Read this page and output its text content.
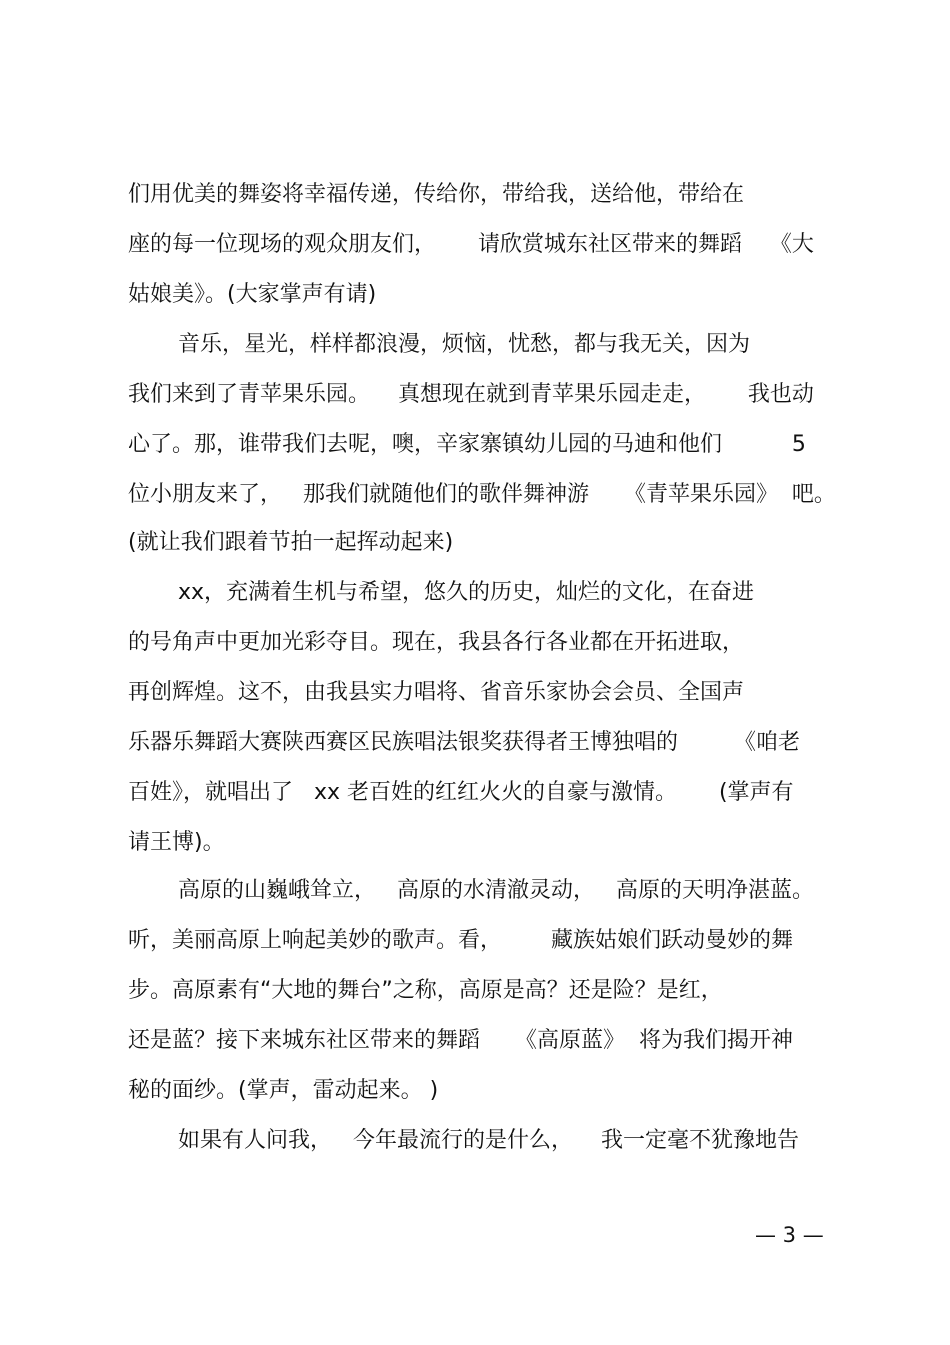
们用优美的舞姿将幸福传递，传给你，带给我，送给他，带给在
座的每一位现场的观众朋友们，      请欣赏城东社区带来的舞蹈    《大
姑娘美》。(大家掌声有请)
音乐，星光，样样都浪漫，烦恼，忧愁，都与我无关，因为
我们来到了青苹果乐园。    真想现在就到青苹果乐园走走，      我也动
心了。那，谁带我们去呢，噢，辛家寨镇幼儿园的马迪和他们          5
位小朋友来了，   那我们就随他们的歌伴舞神游     《青苹果乐园》  吧。
(就让我们跟着节拍一起挥动起来)
xx，充满着生机与希望，悠久的历史，灿烂的文化，在奋进
的号角声中更加光彩夺目。现在，我县各行各业都在开拓进取，
再创辉煌。这不，由我县实力唱将、省音乐家协会会员、全国声
乐器乐舞蹈大赛陕西赛区民族唱法银奖获得者王博独唱的        《咱老
百姓》，就唱出了   xx 老百姓的红红火火的自豪与激情。      (掌声有
请王博)。
高原的山巍峨耸立，   高原的水清澈灵动，   高原的天明净湛蓝。
听，美丽高原上响起美妙的歌声。看，       藏族姑娘们跃动曼妙的舞
步。高原素有“大地的舞台”之称，高原是高？还是险？是红，
还是蓝？接下来城东社区带来的舞蹈     《高原蓝》  将为我们揭开神
秘的面纱。(掌声，雷动起来。 )
如果有人问我，   今年最流行的是什么，    我一定毫不犹豫地告
— 3 —
